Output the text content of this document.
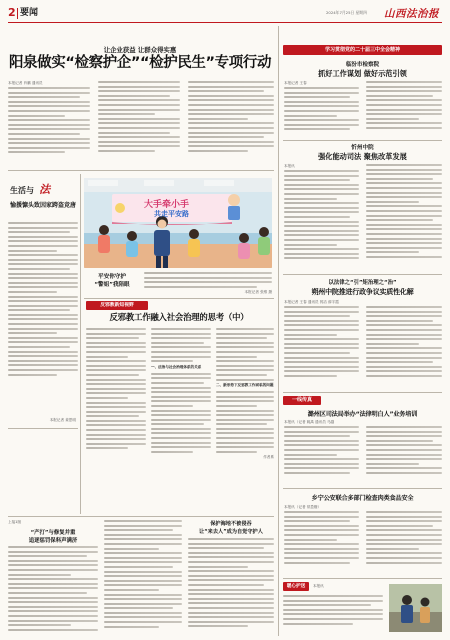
2 要闻	2024年7月25日 星期四 山西法治报
让企业获益 让群众得实惠
阳泉做实“检察护企”“检护民生”专项行动
本报记者 肖鹏 通讯员
生活与 法
愉援慷头致因家跨盗竞唐
本报记者 姜思明
大手牵小手
共走平安路
平安你守护
“警姐”我陪眼
本报记者 张维 摄
反邪教新知视野
反邪教工作融入社会治理的思考（中）
一、法治与社会治理体系的关系
二、新形势下反邪教工作面临的问题
作者系
上接1版
“产打”与修复并重
追逐惩罚保料声满济
保护海地不被侵吞
让“来去人”成为自觉守护人
学习贯彻党的二十届三中全会精神
临汾市检察院
抓好工作谋划 做好示范引领
本报记者 王春
忻州中院
强化能动司法 聚焦改革发展
本报讯
以法律之“引”矩治理之“治”
朔州中院推进行政争议实质性化解
本报记者 王春 通讯员 郭洁 薛宇霞
一线传真
潞州区司法局举办“法律明白人”业务培训
本报讯（记者 姚禹 通讯员 马越
乡宁公安联合多部门检查肉类食品安全
本报讯（记者 常盈楷）
暖心护送	本报讯
